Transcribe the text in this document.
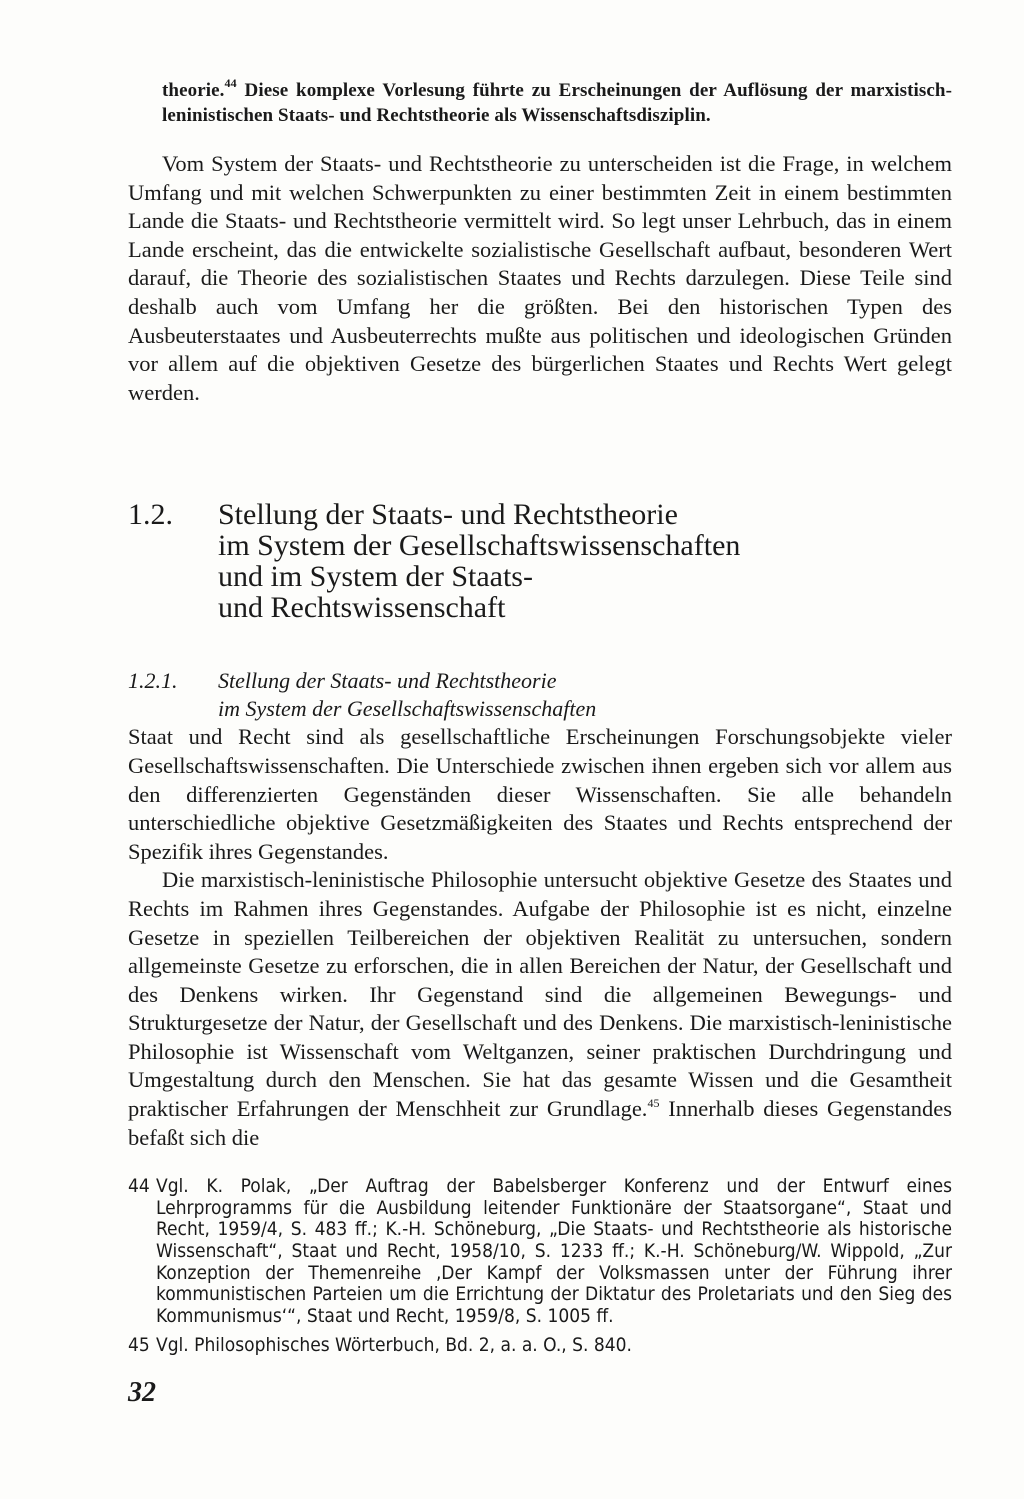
theorie.$^{44}$ Diese komplexe Vorlesung führte zu Erscheinungen der Auflösung der marxistisch-leninistischen Staats- und Rechtstheorie als Wissenschaftsdisziplin.

Vom System der Staats- und Rechtstheorie zu unterscheiden ist die Frage, in welchem Umfang und mit welchen Schwerpunkten zu einer bestimmten Zeit in einem bestimmten Lande die Staats- und Rechtstheorie vermittelt wird. So legt unser Lehrbuch, das in einem Lande erscheint, das die entwickelte sozialistische Gesellschaft aufbaut, besonderen Wert darauf, die Theorie des sozialistischen Staates und Rechts darzulegen. Diese Teile sind deshalb auch vom Umfang her die größten. Bei den historischen Typen des Ausbeuterstaates und Ausbeuterrechts mußte aus politischen und ideologischen Gründen vor allem auf die objektiven Gesetze des bürgerlichen Staates und Rechts Wert gelegt werden.

1.2.	Stellung der Staats- und Rechtstheorie
im System der Gesellschaftswissenschaften
und im System der Staats-
und Rechtswissenschaft
1.2.1.	Stellung der Staats- und Rechtstheorie
im System der Gesellschaftswissenschaften

Staat und Recht sind als gesellschaftliche Erscheinungen Forschungsobjekte vieler Gesellschaftswissenschaften. Die Unterschiede zwischen ihnen ergeben sich vor allem aus den differenzierten Gegenständen dieser Wissenschaften. Sie alle behandeln unterschiedliche objektive Gesetzmäßigkeiten des Staates und Rechts entsprechend der Spezifik ihres Gegenstandes.

Die marxistisch-leninistische Philosophie untersucht objektive Gesetze des Staates und Rechts im Rahmen ihres Gegenstandes. Aufgabe der Philosophie ist es nicht, einzelne Gesetze in speziellen Teilbereichen der objektiven Realität zu untersuchen, sondern allgemeinste Gesetze zu erforschen, die in allen Bereichen der Natur, der Gesellschaft und des Denkens wirken. Ihr Gegenstand sind die allgemeinen Bewegungs- und Strukturgesetze der Natur, der Gesellschaft und des Denkens. Die marxistisch-leninistische Philosophie ist Wissenschaft vom Weltganzen, seiner praktischen Durchdringung und Umgestaltung durch den Menschen. Sie hat das gesamte Wissen und die Gesamtheit praktischer Erfahrungen der Menschheit zur Grundlage.$^{45}$ Innerhalb dieses Gegenstandes befaßt sich die

44 Vgl. K. Polak, „Der Auftrag der Babelsberger Konferenz und der Entwurf eines Lehrprogramms für die Ausbildung leitender Funktionäre der Staatsorgane“, Staat und Recht, 1959/4, S. 483 ff.; K.-H. Schöneburg, „Die Staats- und Rechtstheorie als historische Wissenschaft“, Staat und Recht, 1958/10, S. 1233 ff.; K.-H. Schöneburg/W. Wippold, „Zur Konzeption der Themenreihe ‚Der Kampf der Volksmassen unter der Führung ihrer kommunistischen Parteien um die Errichtung der Diktatur des Proletariats und den Sieg des Kommunismus‘“, Staat und Recht, 1959/8, S. 1005 ff.
45 Vgl. Philosophisches Wörterbuch, Bd. 2, a. a. O., S. 840.
32
